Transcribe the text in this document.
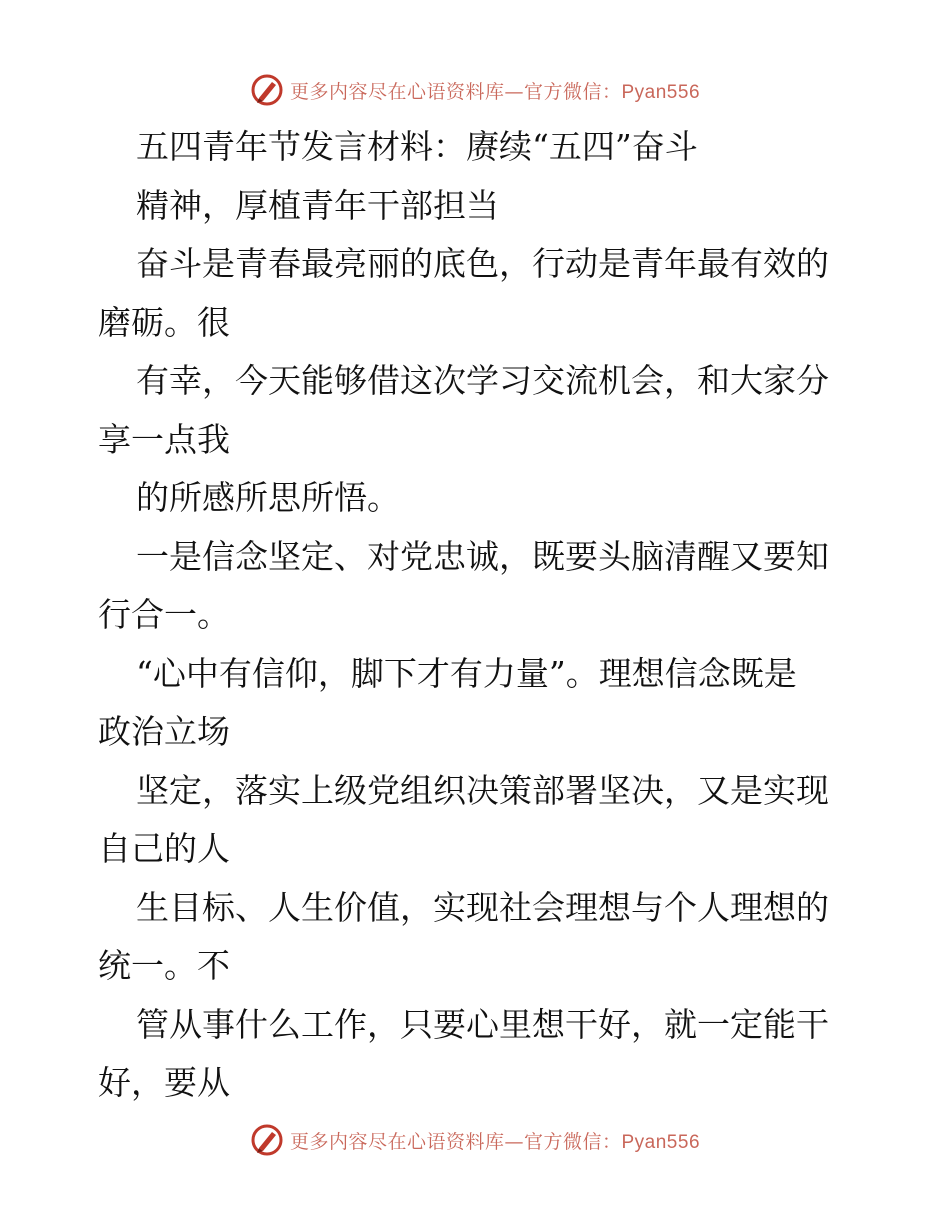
更多内容尽在心语资料库—官方微信：Pyan556
五四青年节发言材料：赓续“五四”奋斗
精神，厚植青年干部担当
奋斗是青春最亮丽的底色，行动是青年最有效的
磨砺。很
有幸，今天能够借这次学习交流机会，和大家分
享一点我
的所感所思所悟。
一是信念坚定、对党忠诚，既要头脑清醒又要知
行合一。
“心中有信仰，脚下才有力量”。理想信念既是
政治立场
坚定，落实上级党组织决策部署坚决，又是实现
自己的人
生目标、人生价值，实现社会理想与个人理想的
统一。不
管从事什么工作，只要心里想干好，就一定能干
好，要从
更多内容尽在心语资料库—官方微信：Pyan556
